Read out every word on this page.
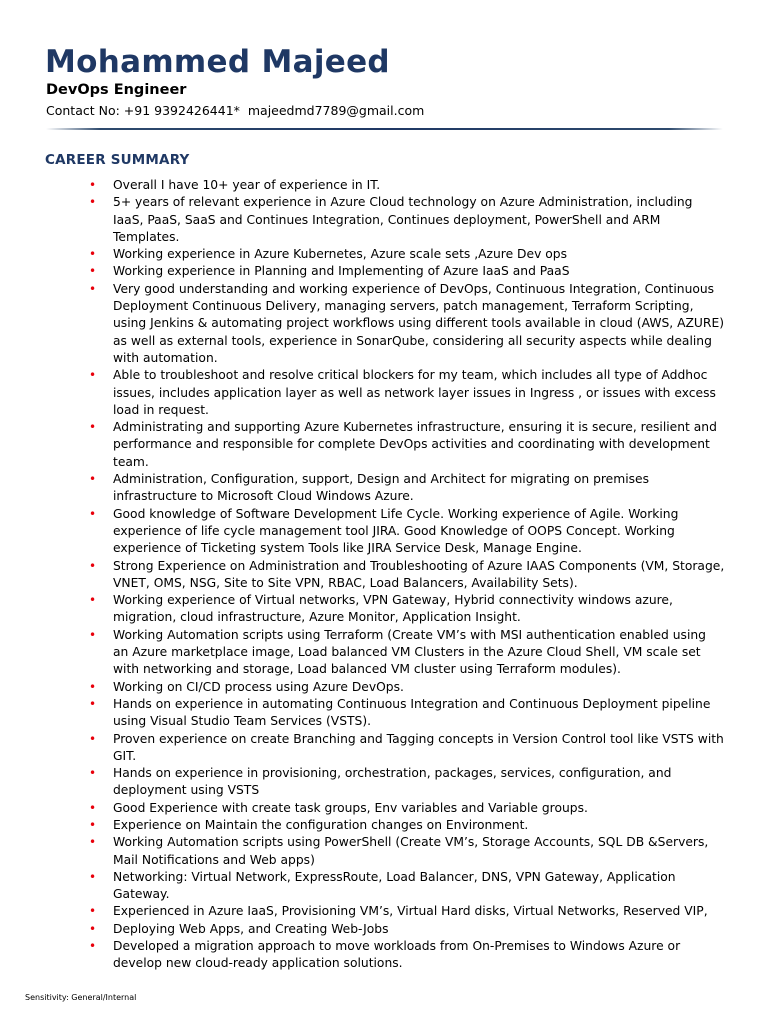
Mohammed Majeed
DevOps Engineer
Contact No: +91 9392426441*  majeedmd7789@gmail.com
CAREER SUMMARY
• Overall I have 10+ year of experience in IT.
• 5+ years of relevant experience in Azure Cloud technology on Azure Administration, including IaaS, PaaS, SaaS and Continues Integration, Continues deployment, PowerShell and ARM Templates.
• Working experience in Azure Kubernetes, Azure scale sets ,Azure Dev ops
• Working experience in Planning and Implementing of Azure IaaS and PaaS
• Very good understanding and working experience of DevOps, Continuous Integration, Continuous Deployment Continuous Delivery, managing servers, patch management, Terraform Scripting, using Jenkins & automating project workflows using different tools available in cloud (AWS, AZURE) as well as external tools, experience in SonarQube, considering all security aspects while dealing with automation.
• Able to troubleshoot and resolve critical blockers for my team, which includes all type of Addhoc issues, includes application layer as well as network layer issues in Ingress , or issues with excess load in request.
• Administrating and supporting Azure Kubernetes infrastructure, ensuring it is secure, resilient and performance and responsible for complete DevOps activities and coordinating with development team.
• Administration, Configuration, support, Design and Architect for migrating on premises infrastructure to Microsoft Cloud Windows Azure.
• Good knowledge of Software Development Life Cycle. Working experience of Agile. Working experience of life cycle management tool JIRA. Good Knowledge of OOPS Concept. Working experience of Ticketing system Tools like JIRA Service Desk, Manage Engine.
• Strong Experience on Administration and Troubleshooting of Azure IAAS Components (VM, Storage, VNET, OMS, NSG, Site to Site VPN, RBAC, Load Balancers, Availability Sets).
• Working experience of Virtual networks, VPN Gateway, Hybrid connectivity windows azure, migration, cloud infrastructure, Azure Monitor, Application Insight.
• Working Automation scripts using Terraform (Create VM’s with MSI authentication enabled using an Azure marketplace image, Load balanced VM Clusters in the Azure Cloud Shell, VM scale set with networking and storage, Load balanced VM cluster using Terraform modules).
• Working on CI/CD process using Azure DevOps.
• Hands on experience in automating Continuous Integration and Continuous Deployment pipeline using Visual Studio Team Services (VSTS).
• Proven experience on create Branching and Tagging concepts in Version Control tool like VSTS with GIT.
• Hands on experience in provisioning, orchestration, packages, services, configuration, and deployment using VSTS
• Good Experience with create task groups, Env variables and Variable groups.
• Experience on Maintain the configuration changes on Environment.
• Working Automation scripts using PowerShell (Create VM’s, Storage Accounts, SQL DB &Servers, Mail Notifications and Web apps)
• Networking: Virtual Network, ExpressRoute, Load Balancer, DNS, VPN Gateway, Application Gateway.
• Experienced in Azure IaaS, Provisioning VM’s, Virtual Hard disks, Virtual Networks, Reserved VIP,
• Deploying Web Apps, and Creating Web-Jobs
• Developed a migration approach to move workloads from On-Premises to Windows Azure or develop new cloud-ready application solutions.
Sensitivity: General/Internal
